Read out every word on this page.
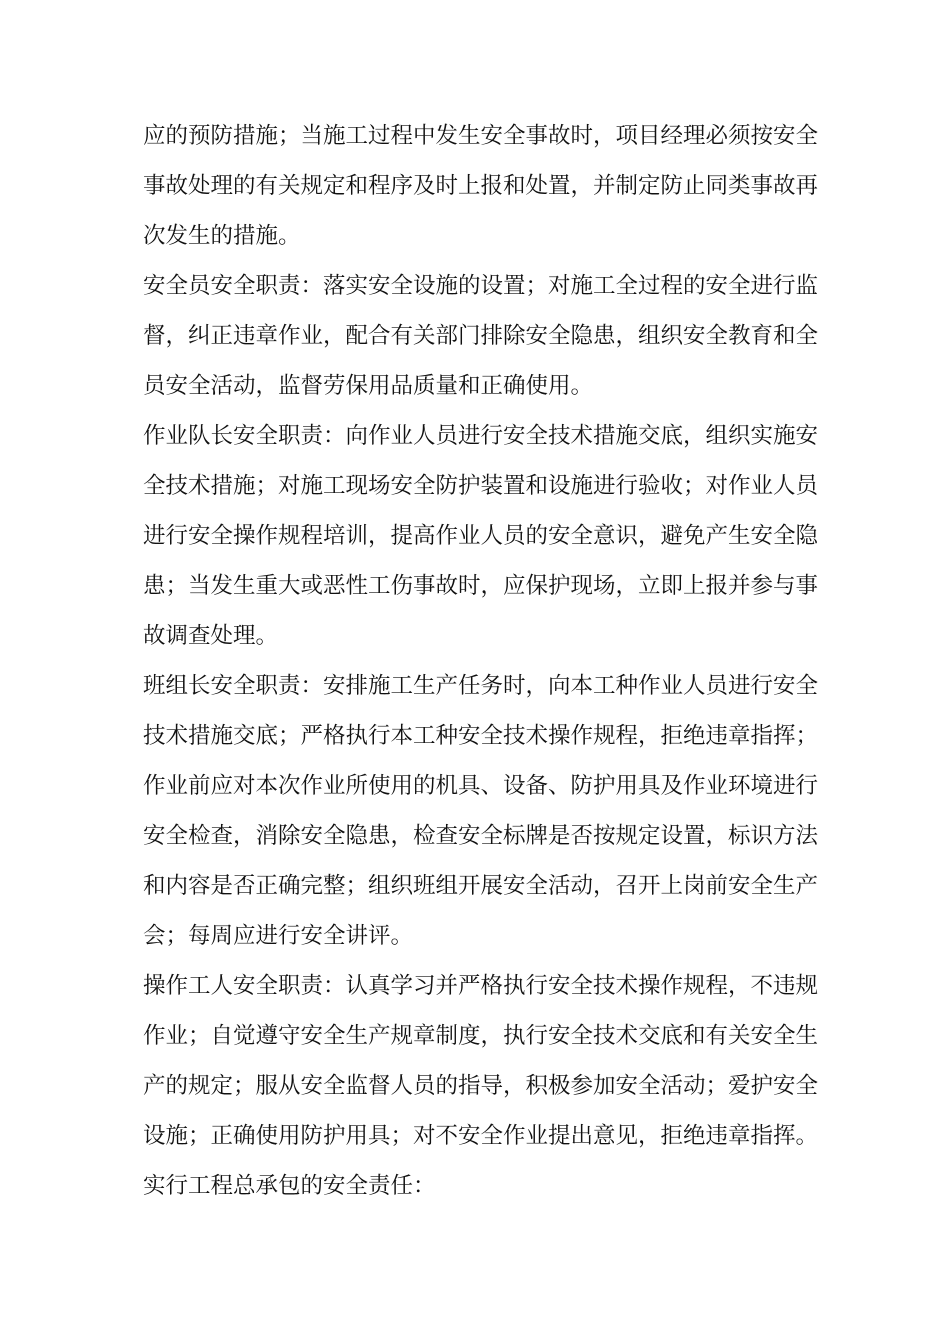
应的预防措施；当施工过程中发生安全事故时，项目经理必须按安全

事故处理的有关规定和程序及时上报和处置，并制定防止同类事故再

次发生的措施。

安全员安全职责：落实安全设施的设置；对施工全过程的安全进行监

督，纠正违章作业，配合有关部门排除安全隐患，组织安全教育和全

员安全活动，监督劳保用品质量和正确使用。

作业队长安全职责：向作业人员进行安全技术措施交底，组织实施安

全技术措施；对施工现场安全防护装置和设施进行验收；对作业人员

进行安全操作规程培训，提高作业人员的安全意识，避免产生安全隐

患；当发生重大或恶性工伤事故时，应保护现场，立即上报并参与事

故调查处理。

班组长安全职责：安排施工生产任务时，向本工种作业人员进行安全

技术措施交底；严格执行本工种安全技术操作规程，拒绝违章指挥；

作业前应对本次作业所使用的机具、设备、防护用具及作业环境进行

安全检查，消除安全隐患，检查安全标牌是否按规定设置，标识方法

和内容是否正确完整；组织班组开展安全活动，召开上岗前安全生产

会；每周应进行安全讲评。

操作工人安全职责：认真学习并严格执行安全技术操作规程，不违规

作业；自觉遵守安全生产规章制度，执行安全技术交底和有关安全生

产的规定；服从安全监督人员的指导，积极参加安全活动；爱护安全

设施；正确使用防护用具；对不安全作业提出意见，拒绝违章指挥。

实行工程总承包的安全责任：
